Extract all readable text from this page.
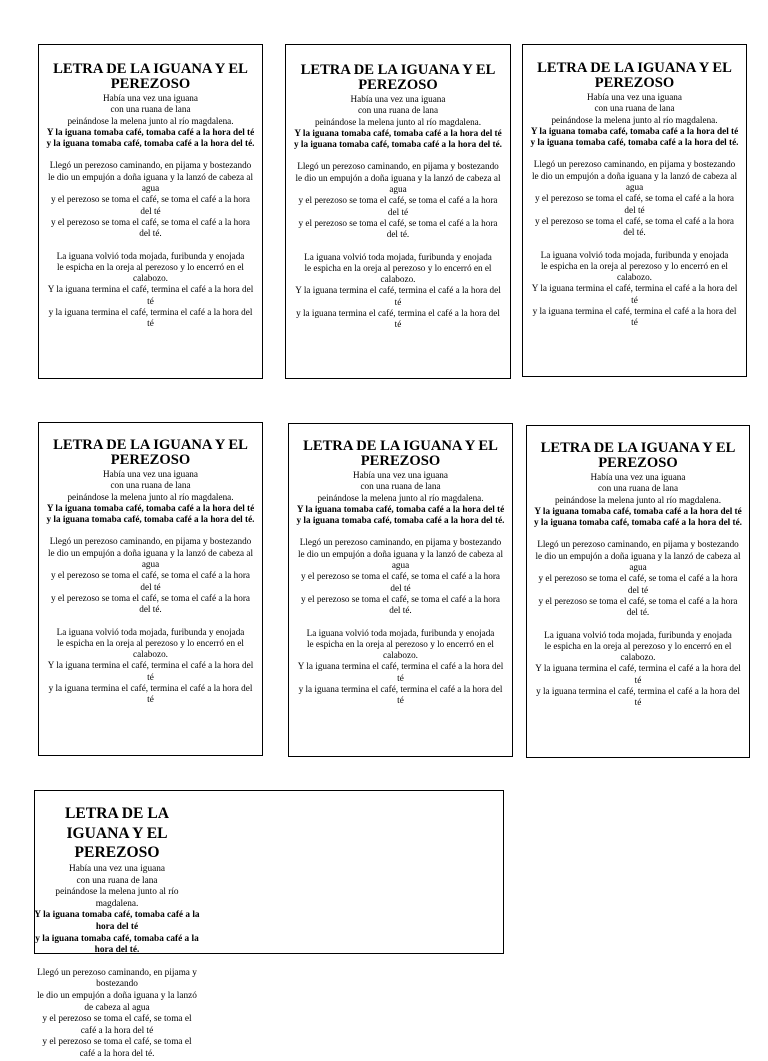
LETRA DE LA IGUANA Y EL PEREZOSO
Había una vez una iguana
con una ruana de lana
peinándose la melena junto al río magdalena.
Y la iguana tomaba café, tomaba café a la hora del té
y la iguana tomaba café, tomaba café a la hora del té.
Llegó un perezoso caminando, en pijama y bostezando
le dio un empujón a doña iguana y la lanzó de cabeza al agua
y el perezoso se toma el café, se toma el café a la hora del té
y el perezoso se toma el café, se toma el café a la hora del té.
La iguana volvió toda mojada, furibunda y enojada
le espicha en la oreja al perezoso y lo encerró en el calabozo.
Y la iguana termina el café, termina el café a la hora del té
y la iguana termina el café, termina el café a la hora del té
LETRA DE LA IGUANA Y EL PEREZOSO
Había una vez una iguana
con una ruana de lana
peinándose la melena junto al río magdalena.
Y la iguana tomaba café, tomaba café a la hora del té
y la iguana tomaba café, tomaba café a la hora del té.
Llegó un perezoso caminando, en pijama y bostezando
le dio un empujón a doña iguana y la lanzó de cabeza al agua
y el perezoso se toma el café, se toma el café a la hora del té
y el perezoso se toma el café, se toma el café a la hora del té.
La iguana volvió toda mojada, furibunda y enojada
le espicha en la oreja al perezoso y lo encerró en el calabozo.
Y la iguana termina el café, termina el café a la hora del té
y la iguana termina el café, termina el café a la hora del té
LETRA DE LA IGUANA Y EL PEREZOSO
Había una vez una iguana
con una ruana de lana
peinándose la melena junto al río magdalena.
Y la iguana tomaba café, tomaba café a la hora del té
y la iguana tomaba café, tomaba café a la hora del té.
Llegó un perezoso caminando, en pijama y bostezando
le dio un empujón a doña iguana y la lanzó de cabeza al agua
y el perezoso se toma el café, se toma el café a la hora del té
y el perezoso se toma el café, se toma el café a la hora del té.
La iguana volvió toda mojada, furibunda y enojada
le espicha en la oreja al perezoso y lo encerró en el calabozo.
Y la iguana termina el café, termina el café a la hora del té
y la iguana termina el café, termina el café a la hora del té
LETRA DE LA IGUANA Y EL PEREZOSO
Había una vez una iguana
con una ruana de lana
peinándose la melena junto al río magdalena.
Y la iguana tomaba café, tomaba café a la hora del té
y la iguana tomaba café, tomaba café a la hora del té.
Llegó un perezoso caminando, en pijama y bostezando
le dio un empujón a doña iguana y la lanzó de cabeza al agua
y el perezoso se toma el café, se toma el café a la hora del té
y el perezoso se toma el café, se toma el café a la hora del té.
La iguana volvió toda mojada, furibunda y enojada
le espicha en la oreja al perezoso y lo encerró en el calabozo.
Y la iguana termina el café, termina el café a la hora del té
y la iguana termina el café, termina el café a la hora del té
LETRA DE LA IGUANA Y EL PEREZOSO
Había una vez una iguana
con una ruana de lana
peinándose la melena junto al río magdalena.
Y la iguana tomaba café, tomaba café a la hora del té
y la iguana tomaba café, tomaba café a la hora del té.
Llegó un perezoso caminando, en pijama y bostezando
le dio un empujón a doña iguana y la lanzó de cabeza al agua
y el perezoso se toma el café, se toma el café a la hora del té
y el perezoso se toma el café, se toma el café a la hora del té.
La iguana volvió toda mojada, furibunda y enojada
le espicha en la oreja al perezoso y lo encerró en el calabozo.
Y la iguana termina el café, termina el café a la hora del té
y la iguana termina el café, termina el café a la hora del té
LETRA DE LA IGUANA Y EL PEREZOSO
Había una vez una iguana
con una ruana de lana
peinándose la melena junto al río magdalena.
Y la iguana tomaba café, tomaba café a la hora del té
y la iguana tomaba café, tomaba café a la hora del té.
Llegó un perezoso caminando, en pijama y bostezando
le dio un empujón a doña iguana y la lanzó de cabeza al agua
y el perezoso se toma el café, se toma el café a la hora del té
y el perezoso se toma el café, se toma el café a la hora del té.
La iguana volvió toda mojada, furibunda y enojada
le espicha en la oreja al perezoso y lo encerró en el calabozo.
Y la iguana termina el café, termina el café a la hora del té
y la iguana termina el café, termina el café a la hora del té
LETRA DE LA IGUANA Y EL PEREZOSO
Había una vez una iguana
con una ruana de lana
peinándose la melena junto al río magdalena.
Y la iguana tomaba café, tomaba café a la hora del té
y la iguana tomaba café, tomaba café a la hora del té.
Llegó un perezoso caminando, en pijama y bostezando
le dio un empujón a doña iguana y la lanzó de cabeza al agua
y el perezoso se toma el café, se toma el café a la hora del té
y el perezoso se toma el café, se toma el café a la hora del té.
